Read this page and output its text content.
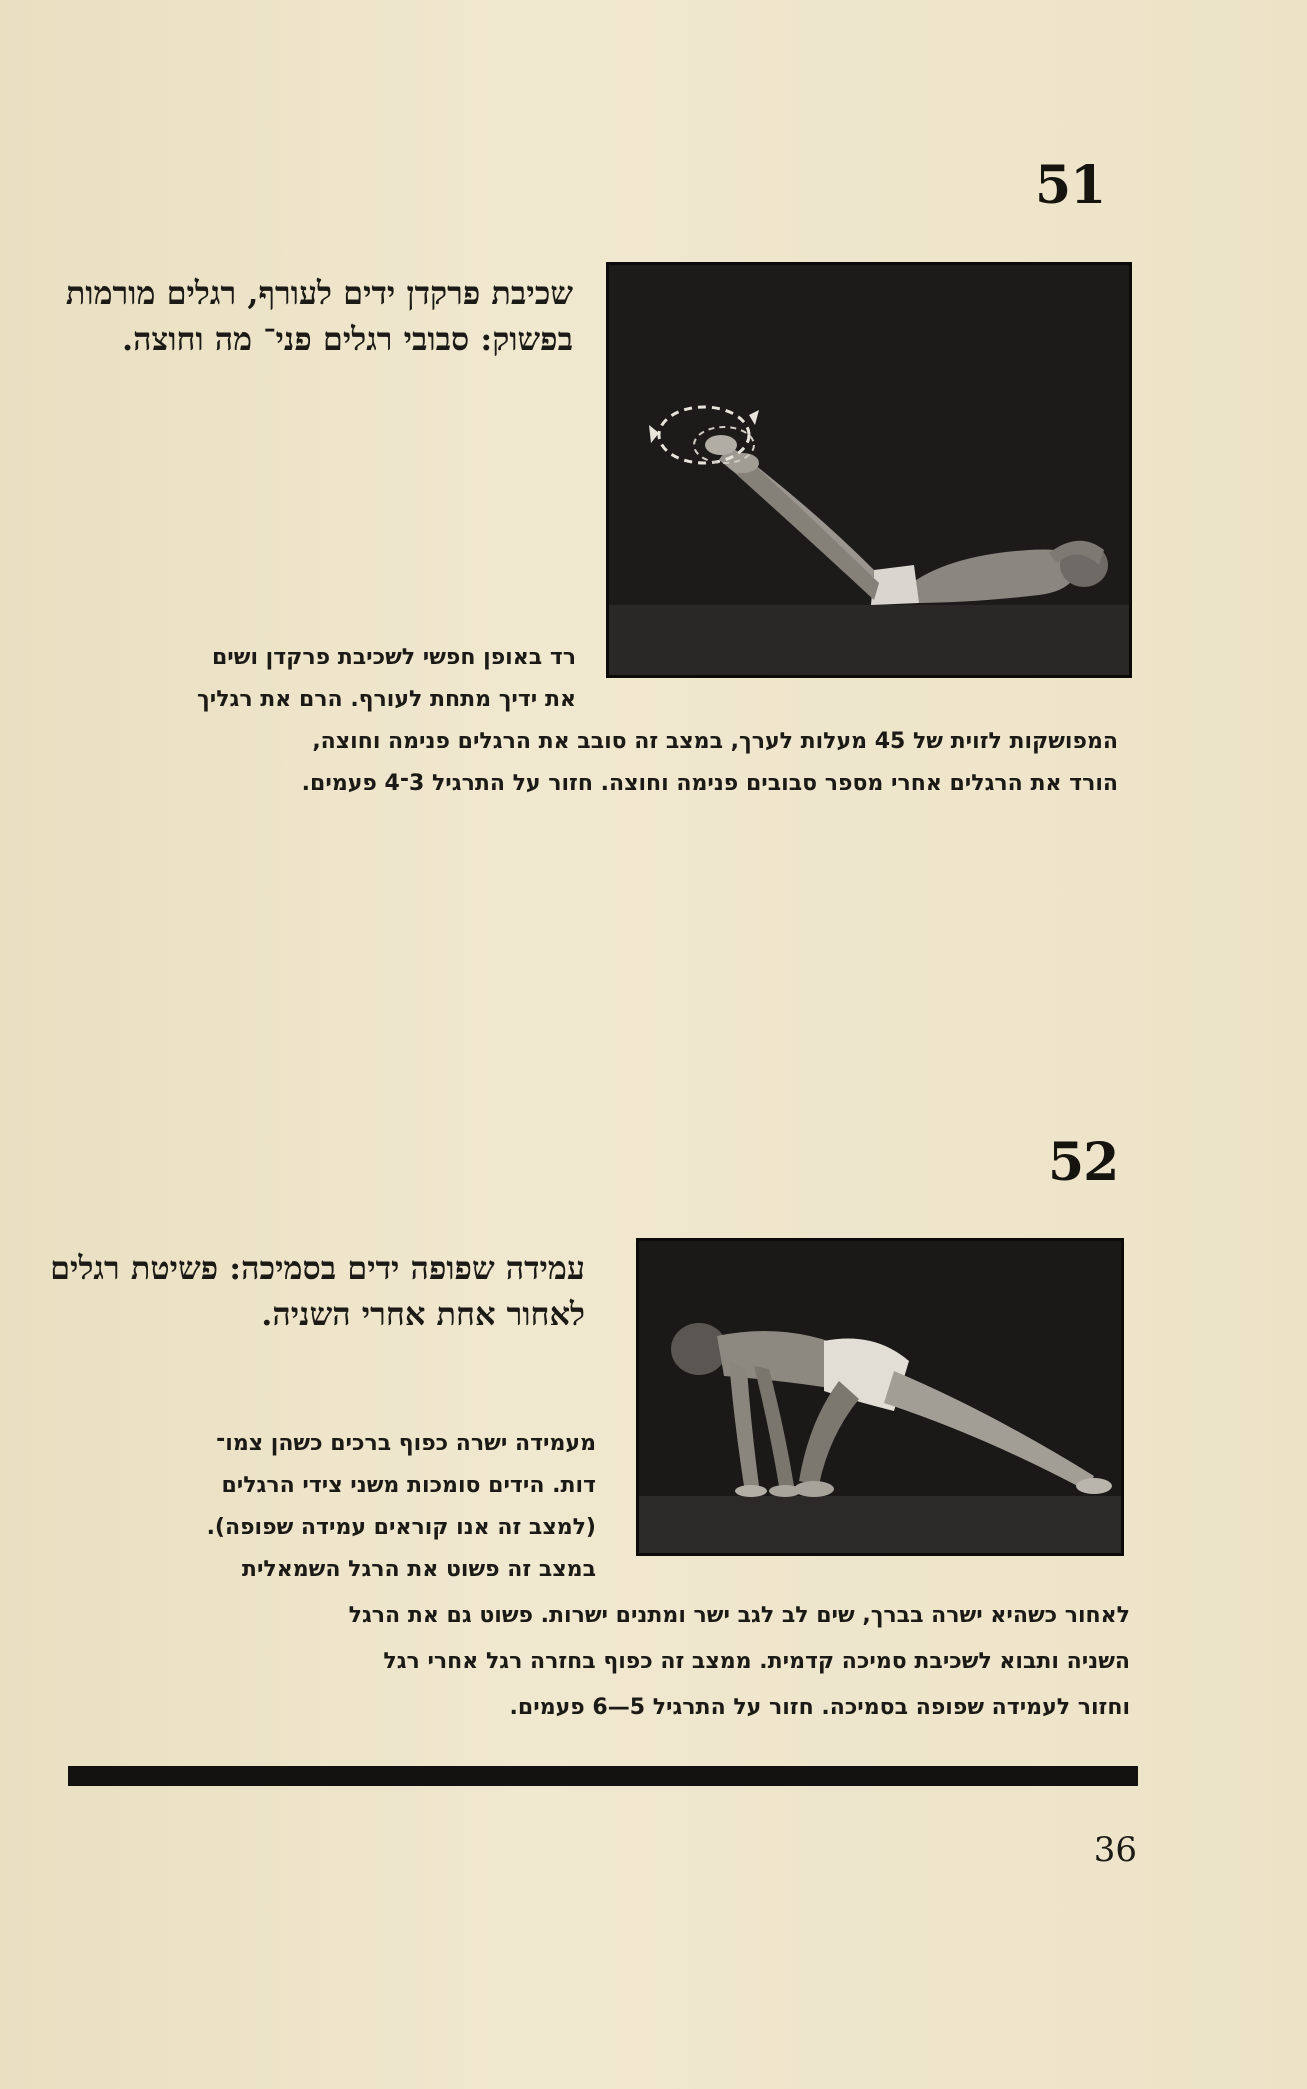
51
שכיבת פרקדן ידים לעורף, רגלים מורמות בפשוק: סבובי רגלים פני־ מה וחוצה.
רד באופן חפשי לשכיבת פרקדן ושים
את ידיך מתחת לעורף. הרם את רגליך
המפושקות לזוית של 45 מעלות לערך, במצב זה סובב את הרגלים פנימה וחוצה,
הורד את הרגלים אחרי מספר סבובים פנימה וחוצה. חזור על התרגיל 3־4 פעמים.
52
עמידה שפופה ידים בסמיכה: פשיטת רגלים לאחור אחת אחרי השניה.
מעמידה ישרה כפוף ברכים כשהן צמו־
דות. הידים סומכות משני צידי הרגלים
(למצב זה אנו קוראים עמידה שפופה).
במצב זה פשוט את הרגל השמאלית
לאחור כשהיא ישרה בברך, שים לב לגב ישר ומתנים ישרות. פשוט גם את הרגל
השניה ותבוא לשכיבת סמיכה קדמית. ממצב זה כפוף בחזרה רגל אחרי רגל
וחזור לעמידה שפופה בסמיכה. חזור על התרגיל 5—6 פעמים.
36
